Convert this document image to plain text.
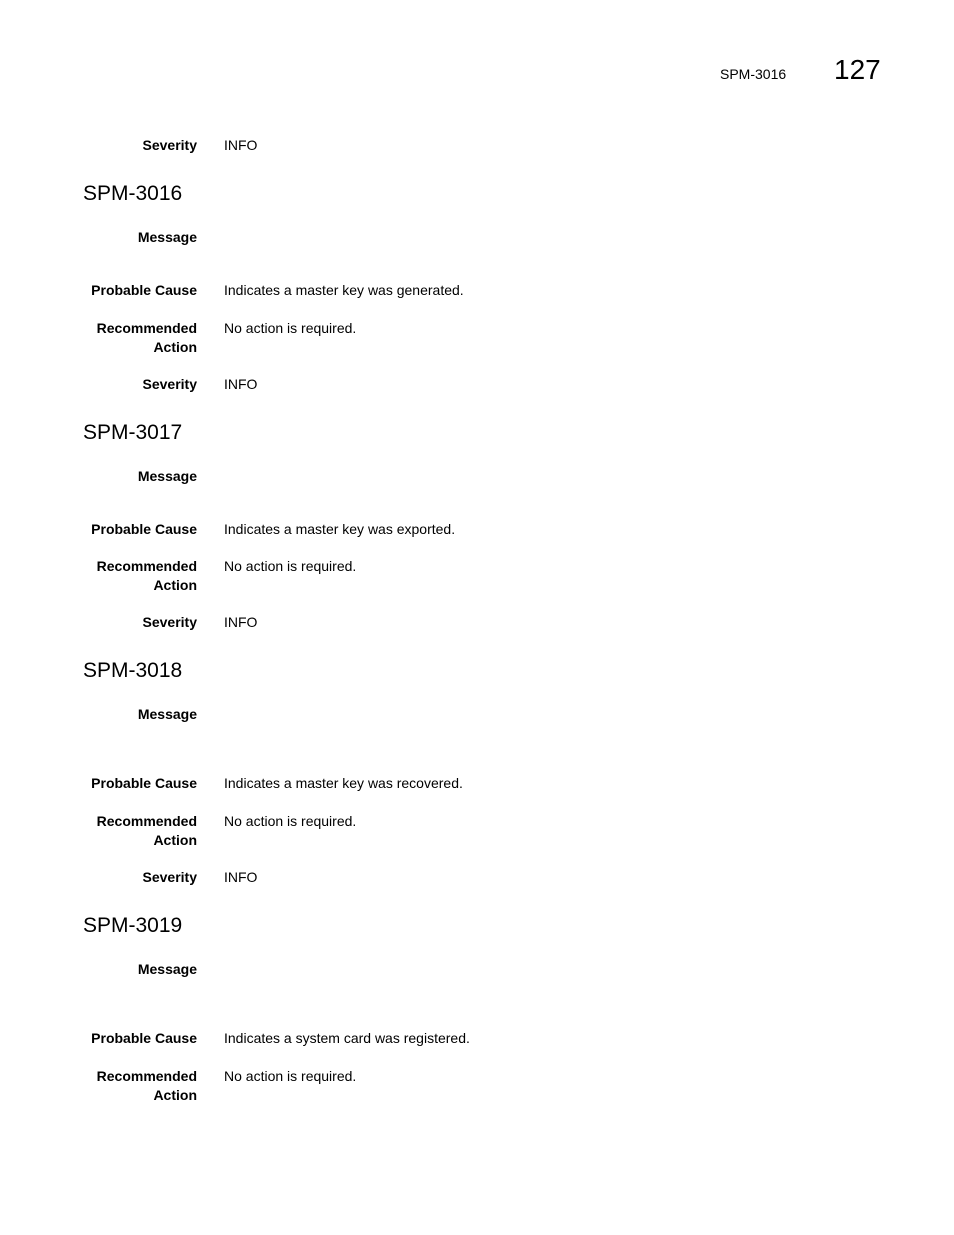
SPM-3016 127
Severity INFO
SPM-3016
Message
Probable Cause Indicates a master key was generated.
Recommended
Action
No action is required.
Severity INFO
SPM-3017
Message
Probable Cause Indicates a master key was exported.
Recommended
Action
No action is required.
Severity INFO
SPM-3018
Message
Probable Cause Indicates a master key was recovered.
Recommended
Action
No action is required.
Severity INFO
SPM-3019
Message
Probable Cause Indicates a system card was registered.
Recommended
Action
No action is required.
